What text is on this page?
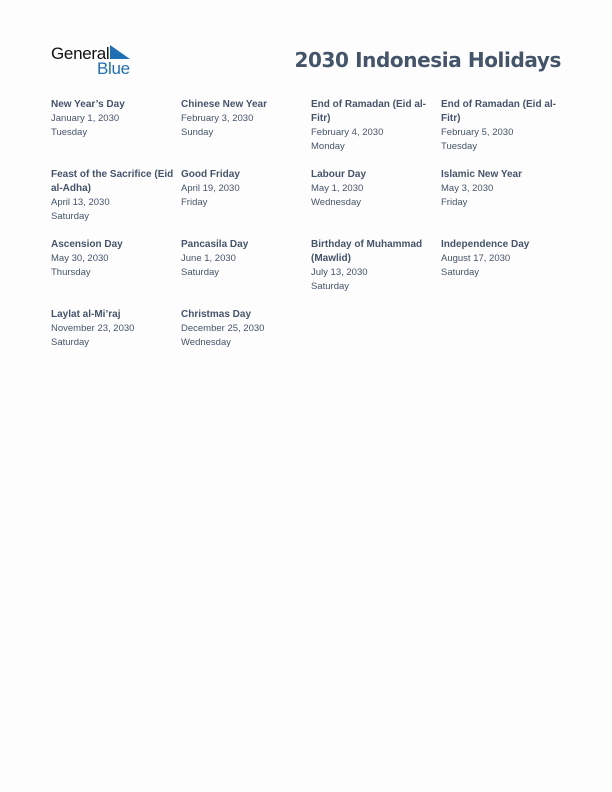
General
Blue	2030 Indonesia Holidays
New Year’s Day
January 1, 2030
Tuesday
Chinese New Year
February 3, 2030
Sunday
End of Ramadan (Eid al-Fitr)
February 4, 2030
Monday
End of Ramadan (Eid al-Fitr)
February 5, 2030
Tuesday
Feast of the Sacrifice (Eid al-Adha)
April 13, 2030
Saturday
Good Friday
April 19, 2030
Friday
Labour Day
May 1, 2030
Wednesday
Islamic New Year
May 3, 2030
Friday
Ascension Day
May 30, 2030
Thursday
Pancasila Day
June 1, 2030
Saturday
Birthday of Muhammad (Mawlid)
July 13, 2030
Saturday
Independence Day
August 17, 2030
Saturday
Laylat al-Mi’raj
November 23, 2030
Saturday
Christmas Day
December 25, 2030
Wednesday
